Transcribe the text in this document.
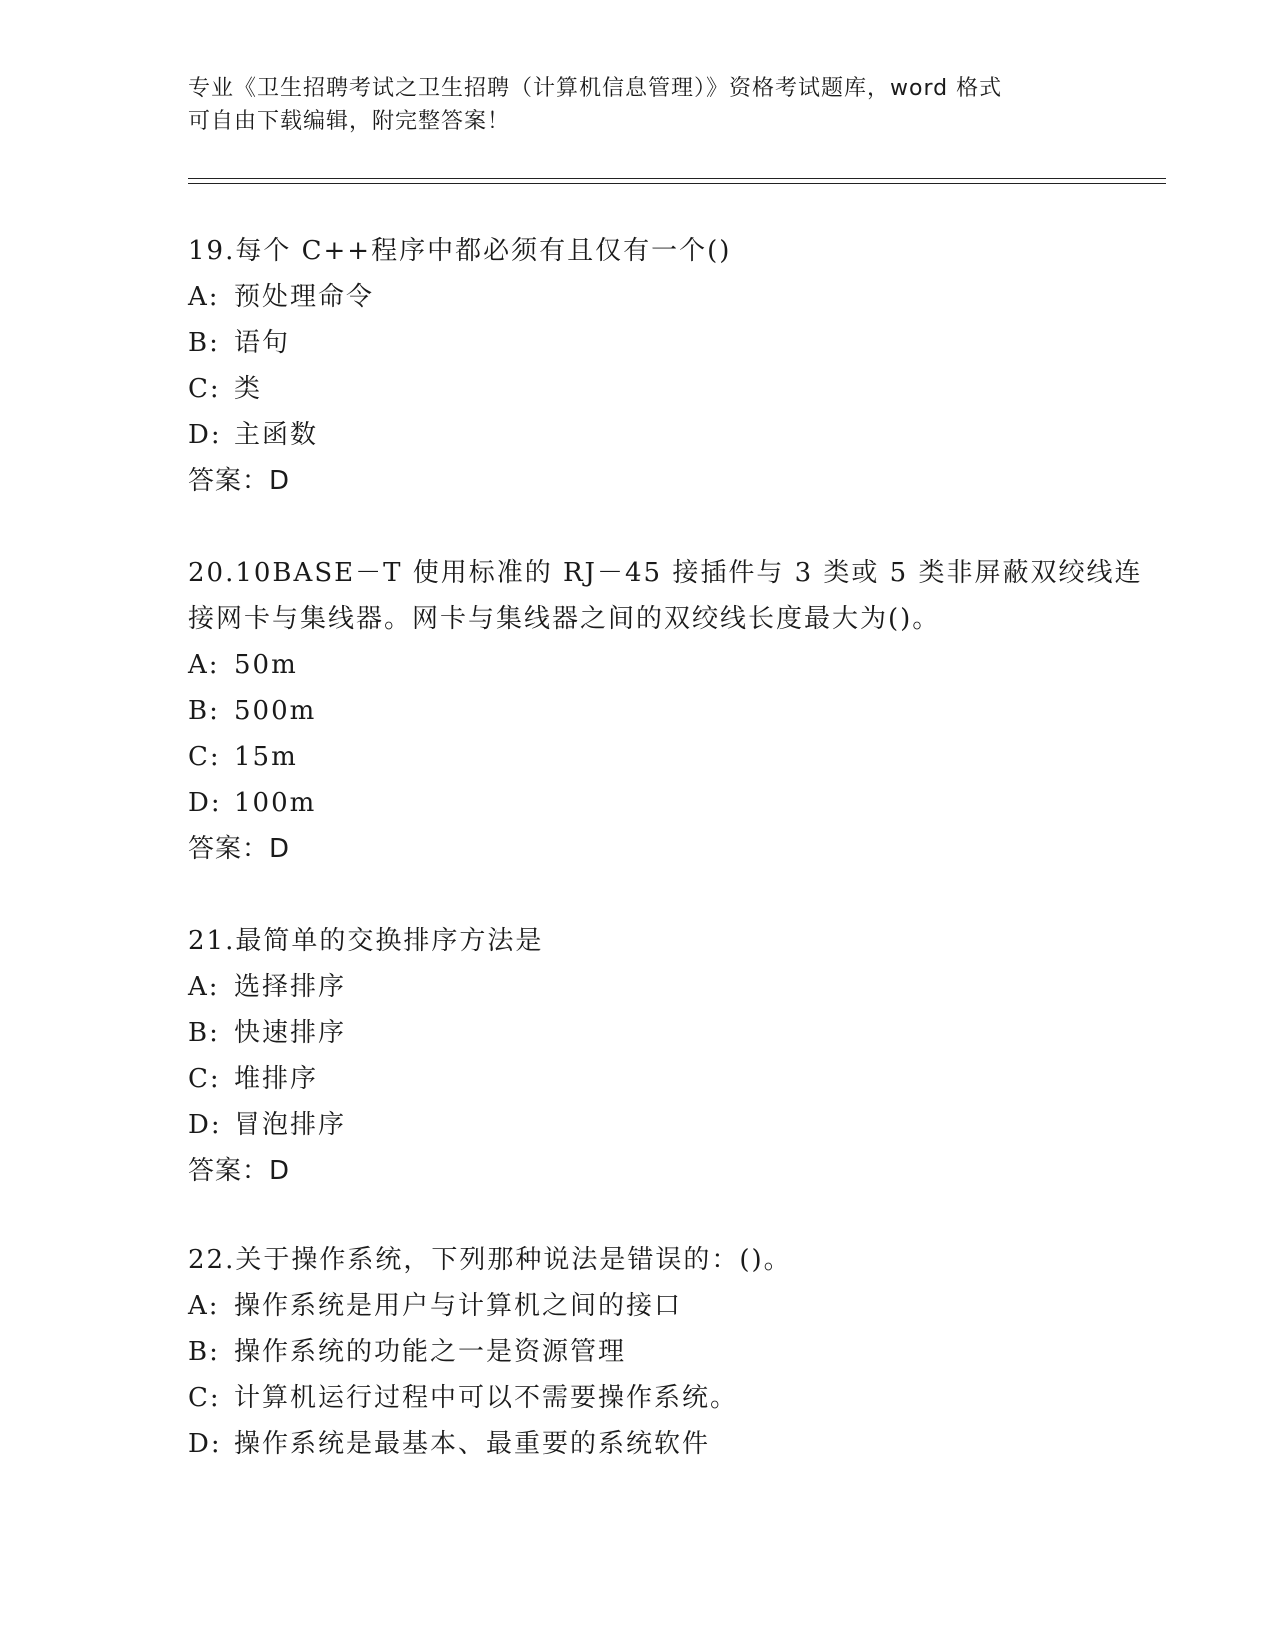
专业《卫生招聘考试之卫生招聘（计算机信息管理）》资格考试题库，word 格式
可自由下载编辑，附完整答案！
19.每个 C++程序中都必须有且仅有一个()
A: 预处理命令
B: 语句
C: 类
D: 主函数
答案：D
20.10BASE－T 使用标准的 RJ－45 接插件与 3 类或 5 类非屏蔽双绞线连
接网卡与集线器。网卡与集线器之间的双绞线长度最大为()。
A: 50m
B: 500m
C: 15m
D: 100m
答案：D
21.最简单的交换排序方法是
A: 选择排序
B: 快速排序
C: 堆排序
D: 冒泡排序
答案：D
22.关于操作系统，下列那种说法是错误的：()。
A: 操作系统是用户与计算机之间的接口
B: 操作系统的功能之一是资源管理
C: 计算机运行过程中可以不需要操作系统。
D: 操作系统是最基本、最重要的系统软件
